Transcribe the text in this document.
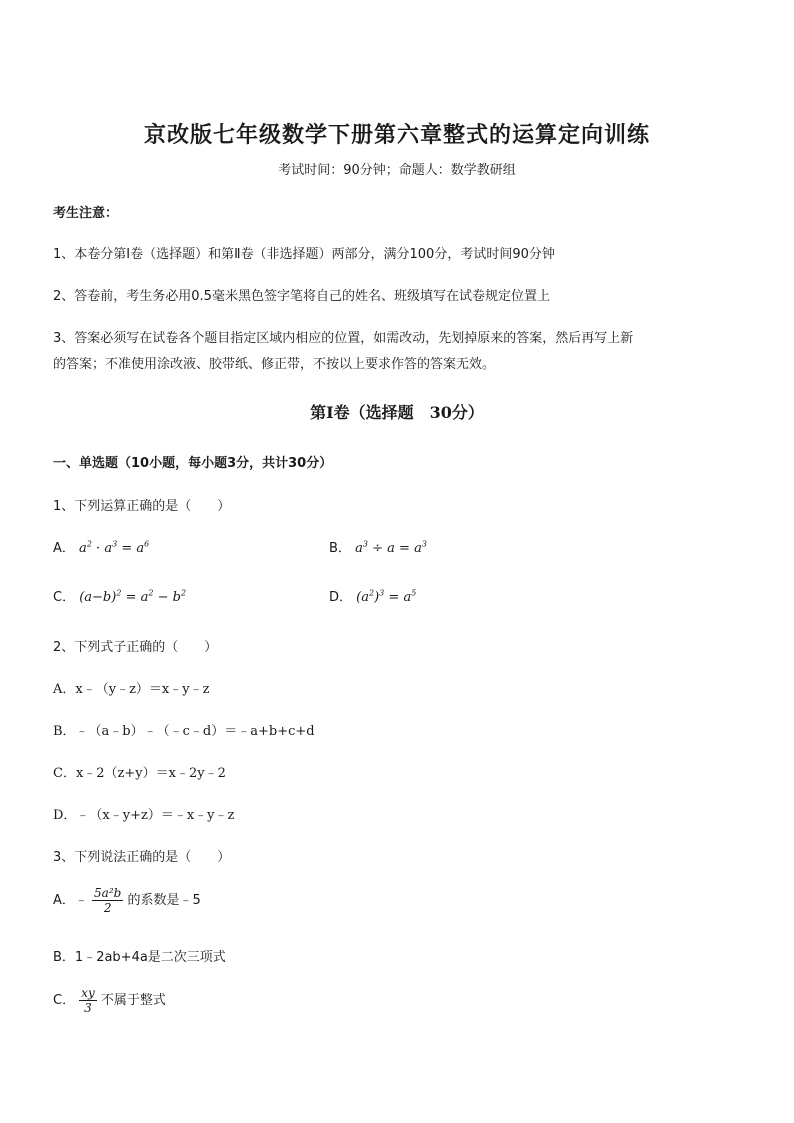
京改版七年级数学下册第六章整式的运算定向训练
考试时间：90分钟；命题人：数学教研组
考生注意：
1、本卷分第Ⅰ卷（选择题）和第Ⅱ卷（非选择题）两部分，满分100分，考试时间90分钟
2、答卷前，考生务必用0.5毫米黑色签字笔将自己的姓名、班级填写在试卷规定位置上
3、答案必须写在试卷各个题目指定区域内相应的位置，如需改动，先划掉原来的答案，然后再写上新
的答案；不准使用涂改液、胶带纸、修正带，不按以上要求作答的答案无效。
第Ⅰ卷（选择题　30分）
一、单选题（10小题，每小题3分，共计30分）
1、下列运算正确的是（　　）
A． $a^2 \cdot a^3 = a^6$	B． $a^3 \div a = a^3$
C． $(a-b)^2 = a^2 - b^2$	D． $(a^2)^3 = a^5$
2、下列式子正确的（　　）
A．x﹣（y﹣z）＝x﹣y﹣z
B．﹣（a﹣b）﹣（﹣c﹣d）＝﹣a+b+c+d
C．x﹣2（z+y）＝x﹣2y﹣2
D．﹣（x﹣y+z）＝﹣x﹣y﹣z
3、下列说法正确的是（　　）
A．﹣ $\frac{\text{5a²b}}{2}$ 的系数是﹣5
B．1﹣2ab+4a是二次三项式
C． $\frac{xy}{3}$ 不属于整式
